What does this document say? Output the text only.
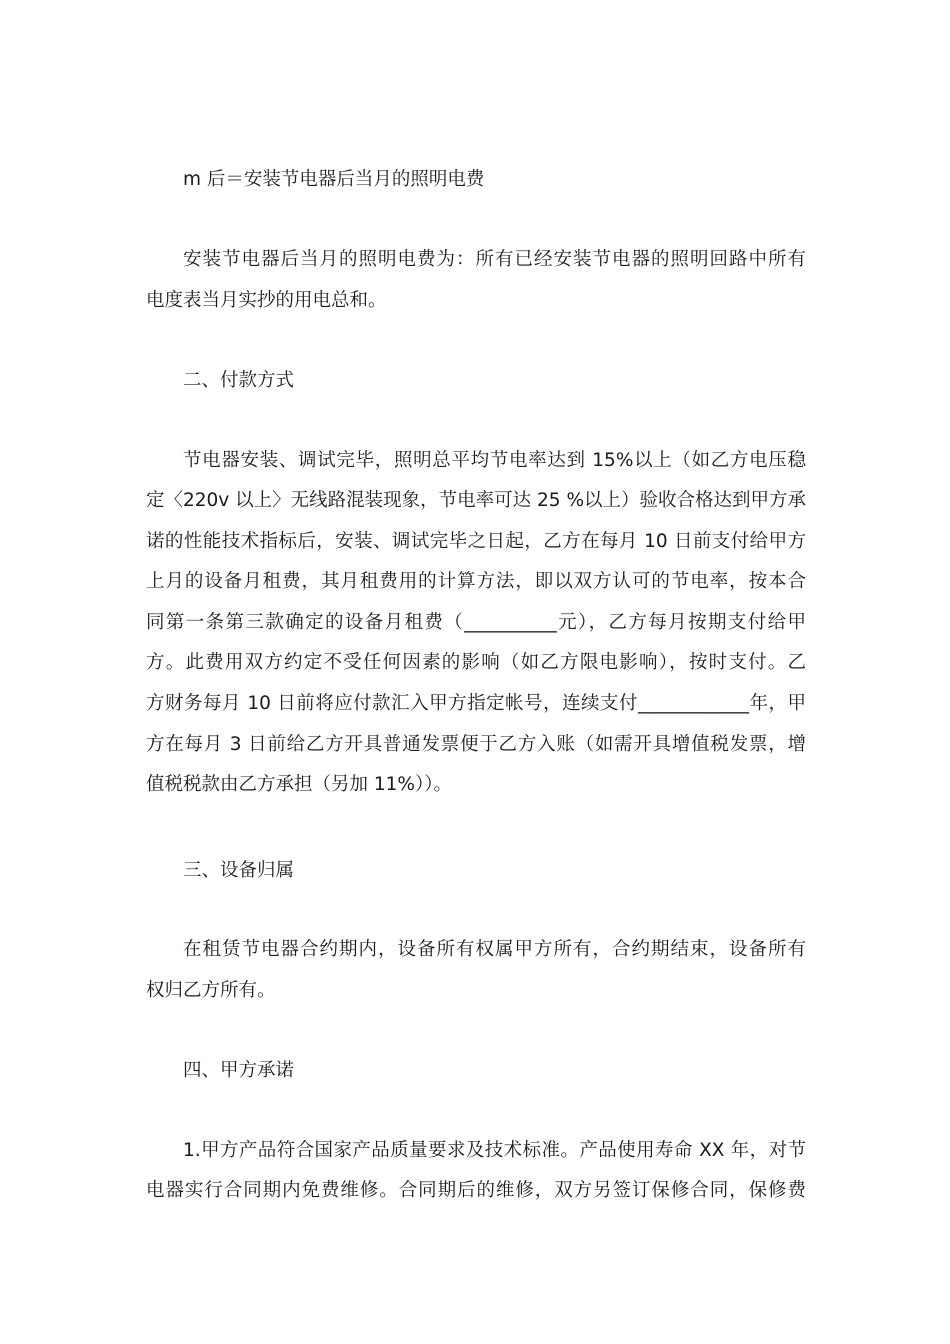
m 后＝安装节电器后当月的照明电费
安装节电器后当月的照明电费为：所有已经安装节电器的照明回路中所有
电度表当月实抄的用电总和。
二、付款方式
节电器安装、调试完毕，照明总平均节电率达到 15%以上（如乙方电压稳
定〈220v 以上〉无线路混装现象，节电率可达 25 %以上）验收合格达到甲方承
诺的性能技术指标后，安装、调试完毕之日起，乙方在每月 10 日前支付给甲方
上月的设备月租费，其月租费用的计算方法，即以双方认可的节电率，按本合
同第一条第三款确定的设备月租费（__________元），乙方每月按期支付给甲
方。此费用双方约定不受任何因素的影响（如乙方限电影响），按时支付。乙
方财务每月 10 日前将应付款汇入甲方指定帐号，连续支付____________年，甲
方在每月 3 日前给乙方开具普通发票便于乙方入账（如需开具增值税发票，增
值税税款由乙方承担（另加 11%））。
三、设备归属
在租赁节电器合约期内，设备所有权属甲方所有，合约期结束，设备所有
权归乙方所有。
四、甲方承诺
1.甲方产品符合国家产品质量要求及技术标准。产品使用寿命 XX 年，对节
电器实行合同期内免费维修。合同期后的维修，双方另签订保修合同，保修费
